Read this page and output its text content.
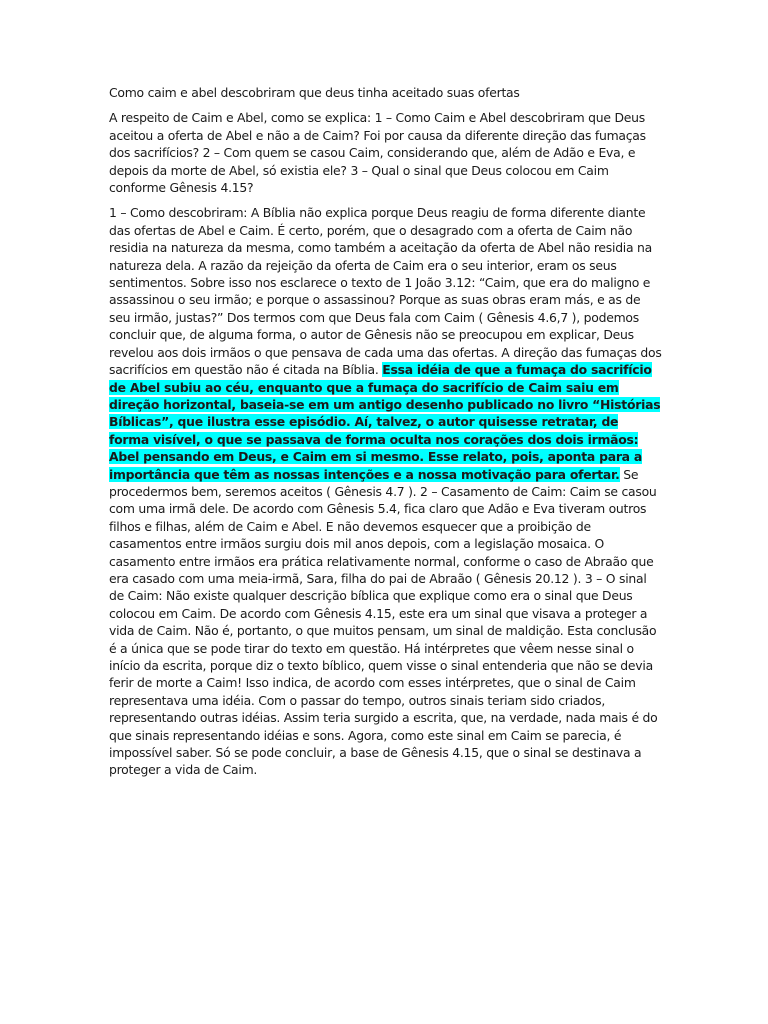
Como caim e abel descobriram que deus tinha aceitado suas ofertas

A respeito de Caim e Abel, como se explica: 1 – Como Caim e Abel descobriram que Deus aceitou a oferta de Abel e não a de Caim? Foi por causa da diferente direção das fumaças dos sacrifícios? 2 – Com quem se casou Caim, considerando que, além de Adão e Eva, e depois da morte de Abel, só existia ele? 3 – Qual o sinal que Deus colocou em Caim conforme Gênesis 4.15?

1 – Como descobriram: A Bíblia não explica porque Deus reagiu de forma diferente diante das ofertas de Abel e Caim. É certo, porém, que o desagrado com a oferta de Caim não residia na natureza da mesma, como também a aceitação da oferta de Abel não residia na natureza dela. A razão da rejeição da oferta de Caim era o seu interior, eram os seus sentimentos. Sobre isso nos esclarece o texto de 1 João 3.12: “Caim, que era do maligno e assassinou o seu irmão; e porque o assassinou? Porque as suas obras eram más, e as de seu irmão, justas?” Dos termos com que Deus fala com Caim ( Gênesis 4.6,7 ), podemos concluir que, de alguma forma, o autor de Gênesis não se preocupou em explicar, Deus revelou aos dois irmãos o que pensava de cada uma das ofertas. A direção das fumaças dos sacrifícios em questão não é citada na Bíblia. Essa idéia de que a fumaça do sacrifício de Abel subiu ao céu, enquanto que a fumaça do sacrifício de Caim saiu em direção horizontal, baseia-se em um antigo desenho publicado no livro “Histórias Bíblicas”, que ilustra esse episódio. Aí, talvez, o autor quisesse retratar, de forma visível, o que se passava de forma oculta nos corações dos dois irmãos: Abel pensando em Deus, e Caim em si mesmo. Esse relato, pois, aponta para a importância que têm as nossas intenções e a nossa motivação para ofertar. Se procedermos bem, seremos aceitos ( Gênesis 4.7 ). 2 – Casamento de Caim: Caim se casou com uma irmã dele. De acordo com Gênesis 5.4, fica claro que Adão e Eva tiveram outros filhos e filhas, além de Caim e Abel. E não devemos esquecer que a proibição de casamentos entre irmãos surgiu dois mil anos depois, com a legislação mosaica. O casamento entre irmãos era prática relativamente normal, conforme o caso de Abraão que era casado com uma meia-irmã, Sara, filha do pai de Abraão ( Gênesis 20.12 ). 3 – O sinal de Caim: Não existe qualquer descrição bíblica que explique como era o sinal que Deus colocou em Caim. De acordo com Gênesis 4.15, este era um sinal que visava a proteger a vida de Caim. Não é, portanto, o que muitos pensam, um sinal de maldição. Esta conclusão é a única que se pode tirar do texto em questão. Há intérpretes que vêem nesse sinal o início da escrita, porque diz o texto bíblico, quem visse o sinal entenderia que não se devia ferir de morte a Caim! Isso indica, de acordo com esses intérpretes, que o sinal de Caim representava uma idéia. Com o passar do tempo, outros sinais teriam sido criados, representando outras idéias. Assim teria surgido a escrita, que, na verdade, nada mais é do que sinais representando idéias e sons. Agora, como este sinal em Caim se parecia, é impossível saber. Só se pode concluir, a base de Gênesis 4.15, que o sinal se destinava a proteger a vida de Caim.
